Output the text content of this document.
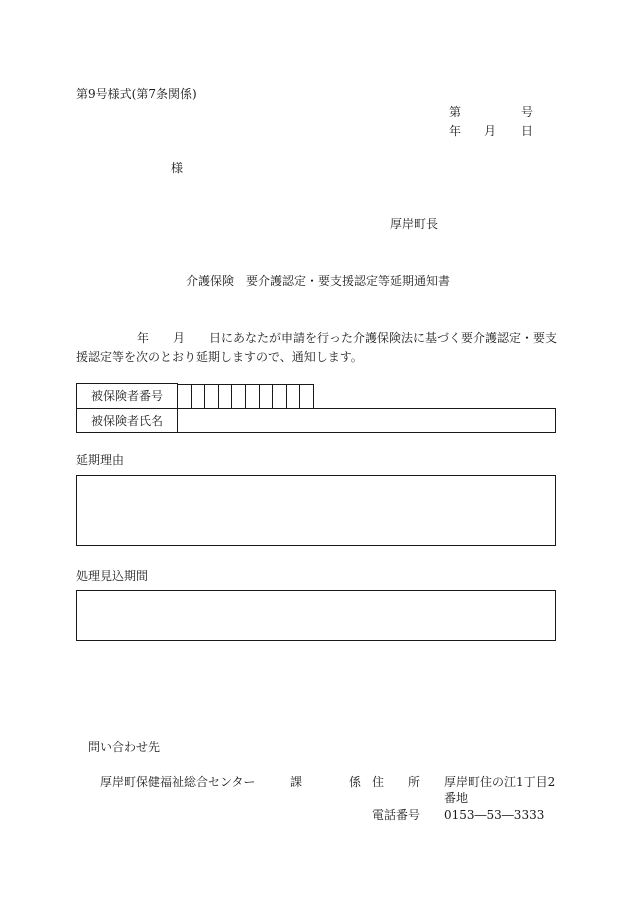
第9号様式(第7条関係)
第	号
年 月 日
様
厚岸町長
介護保険　要介護認定・要支援認定等延期通知書
年 月 日にあなたが申請を行った介護保険法に基づく要介護認定・要支
援認定等を次のとおり延期しますので、通知します。
被保険者番号	

被保険者氏名	
延期理由
処理見込期間
問い合わせ先
厚岸町保健福祉総合センター	課	係 住　　所 厚岸町住の江1丁目2
番地
電話番号 0153―53―3333
